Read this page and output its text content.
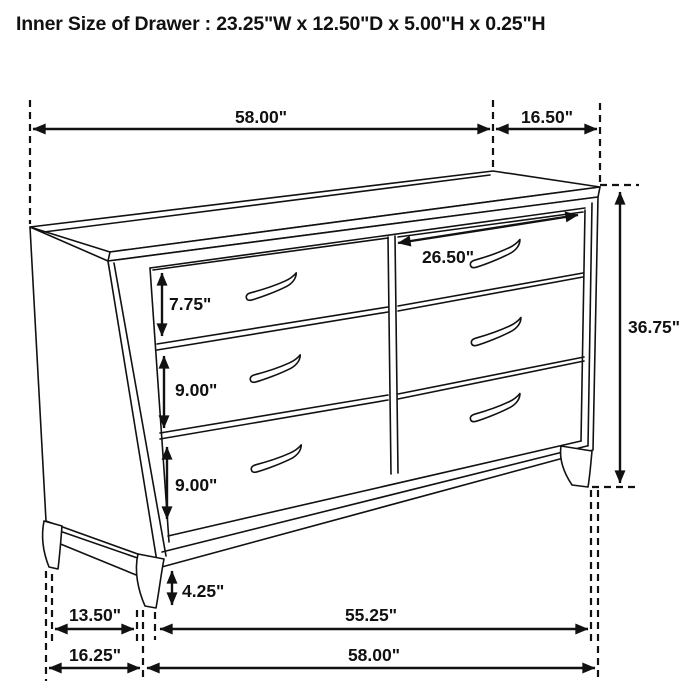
Inner Size of Drawer : 23.25"W x 12.50"D x 5.00"H x 0.25"H
58.00"	16.50"
26.50"
36.75"
7.75"
9.00"
9.00"
4.25"
13.50"	55.25"
16.25"	58.00"
